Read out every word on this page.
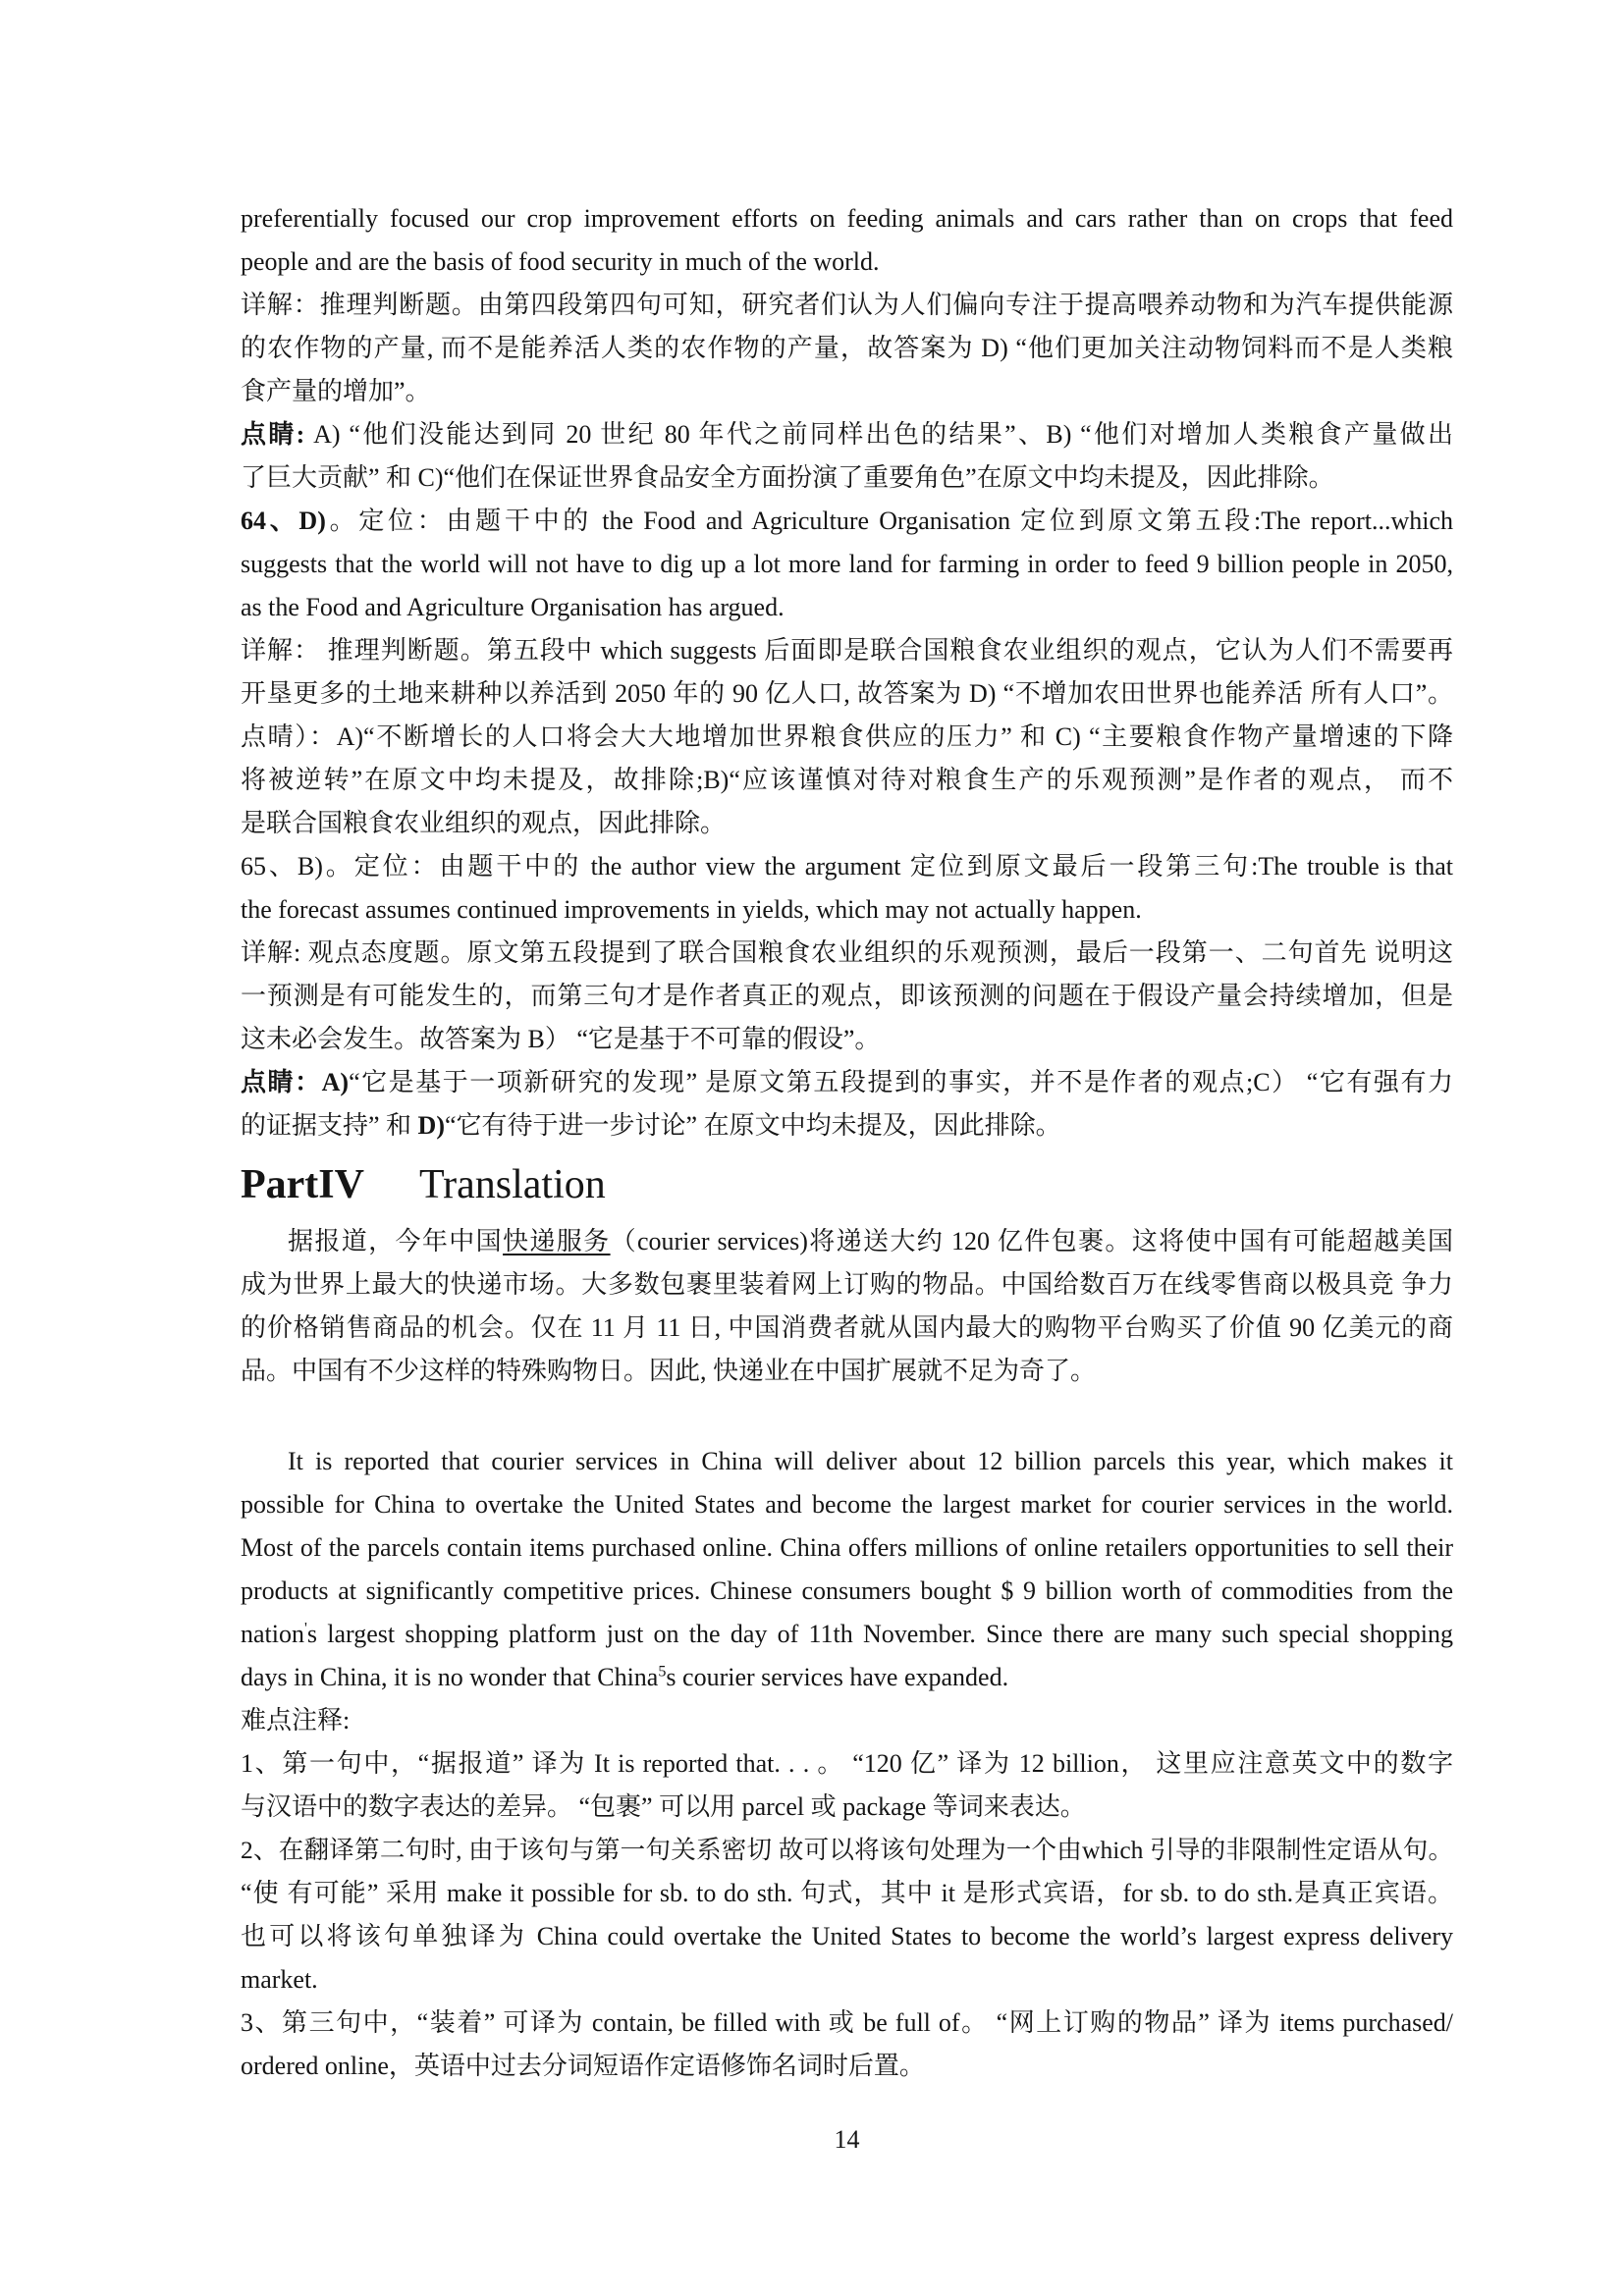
preferentially focused our crop improvement efforts on feeding animals and cars rather than on crops that feed
people and are the basis of food security in much of the world.
详解：推理判断题。由第四段第四句可知，研究者们认为人们偏向专注于提高喂养动物和为汽车提供能源
的农作物的产量, 而不是能养活人类的农作物的产量，故答案为 D) “他们更加关注动物饲料而不是人类粮
食产量的增加”。
点睛: A) “他们没能达到同 20 世纪 80 年代之前同样出色的结果”、B) “他们对增加人类粮食产量做出
了巨大贡献” 和 C)“他们在保证世界食品安全方面扮演了重要角色”在原文中均未提及，因此排除。
64、D)。定位：由题干中的 the Food and Agriculture Organisation 定位到原文第五段:The report...which
suggests that the world will not have to dig up a lot more land for farming in order to feed 9 billion people in 2050,
as the Food and Agriculture Organisation has argued.
详解： 推理判断题。第五段中 which suggests 后面即是联合国粮食农业组织的观点，它认为人们不需要再
开垦更多的土地来耕种以养活到 2050 年的 90 亿人口, 故答案为 D) “不增加农田世界也能养活 所有人口”。
点晴）：A)“不断增长的人口将会大大地增加世界粮食供应的压力” 和 C) “主要粮食作物产量增速的下降
将被逆转”在原文中均未提及，故排除;B)“应该谨慎对待对粮食生产的乐观预测”是作者的观点， 而不
是联合国粮食农业组织的观点，因此排除。
65、B)。定位：由题干中的 the author view the argument 定位到原文最后一段第三句:The trouble is that
the forecast assumes continued improvements in yields, which may not actually happen.
详解: 观点态度题。原文第五段提到了联合国粮食农业组织的乐观预测，最后一段第一、二句首先 说明这
一预测是有可能发生的，而第三句才是作者真正的观点，即该预测的问题在于假设产量会持续增加，但是
这未必会发生。故答案为 B） “它是基于不可靠的假设”。
点睛：A)“它是基于一项新研究的发现” 是原文第五段提到的事实，并不是作者的观点;C） “它有强有力
的证据支持” 和 D)“它有待于进一步讨论” 在原文中均未提及，因此排除。
PartIV Translation
据报道，今年中国快递服务（courier services)将递送大约 120 亿件包裹。这将使中国有可能超越美国
成为世界上最大的快递市场。大多数包裹里装着网上订购的物品。中国给数百万在线零售商以极具竞 争力
的价格销售商品的机会。仅在 11 月 11 日, 中国消费者就从国内最大的购物平台购买了价值 90 亿美元的商
品。中国有不少这样的特殊购物日。因此, 快递业在中国扩展就不足为奇了。
It is reported that courier services in China will deliver about 12 billion parcels this year, which makes it
possible for China to overtake the United States and become the largest market for courier services in the world.
Most of the parcels contain items purchased online. China offers millions of online retailers opportunities to sell their
products at significantly competitive prices. Chinese consumers bought $ 9 billion worth of commodities from the
nation's largest shopping platform just on the day of 11th November. Since there are many such special shopping
days in China, it is no wonder that China$^5$s courier services have expanded.
难点注释:
1、第一句中，“据报道” 译为 It is reported that. . . 。 “120 亿” 译为 12 billion， 这里应注意英文中的数字
与汉语中的数字表达的差异。 “包裹” 可以用 parcel 或 package 等词来表达。
2、在翻译第二句时, 由于该句与第一句关系密切 故可以将该句处理为一个由which 引导的非限制性定语从句。
“使 有可能” 采用 make it possible for sb. to do sth. 句式，其中 it 是形式宾语，for sb. to do sth.是真正宾语。
也可以将该句单独译为 China could overtake the United States to become the world’s largest express delivery
market.
3、第三句中，“装着” 可译为 contain, be filled with 或 be full of。 “网上订购的物品” 译为 items purchased/
ordered online，英语中过去分词短语作定语修饰名词时后置。
14
